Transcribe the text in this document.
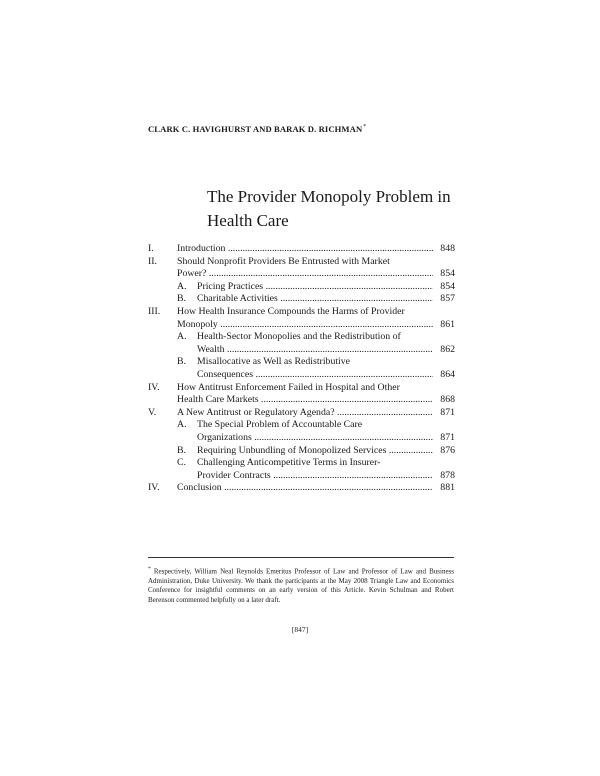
CLARK C. HAVIGHURST AND BARAK D. RICHMAN*
The Provider Monopoly Problem in
Health Care
I. Introduction .....	848
II. Should Nonprofit Providers Be Entrusted with Market
Power? .....	854
A. Pricing Practices .....	854
B. Charitable Activities .....	857
III. How Health Insurance Compounds the Harms of Provider
Monopoly .....	861
A. Health-Sector Monopolies and the Redistribution of
Wealth .....	862
B. Misallocative as Well as Redistributive
Consequences .....	864
IV. How Antitrust Enforcement Failed in Hospital and Other
Health Care Markets .....	868
V. A New Antitrust or Regulatory Agenda? .....	871
A. The Special Problem of Accountable Care
Organizations .....	871
B. Requiring Unbundling of Monopolized Services .....	876
C. Challenging Anticompetitive Terms in Insurer-
Provider Contracts .....	878
IV. Conclusion .....	881
* Respectively, William Neal Reynolds Emeritus Professor of Law and Professor of Law and Business Administration, Duke University. We thank the participants at the May 2008 Triangle Law and Economics Conference for insightful comments on an early version of this Article. Kevin Schulman and Robert Berenson commented helpfully on a later draft.
[847]
